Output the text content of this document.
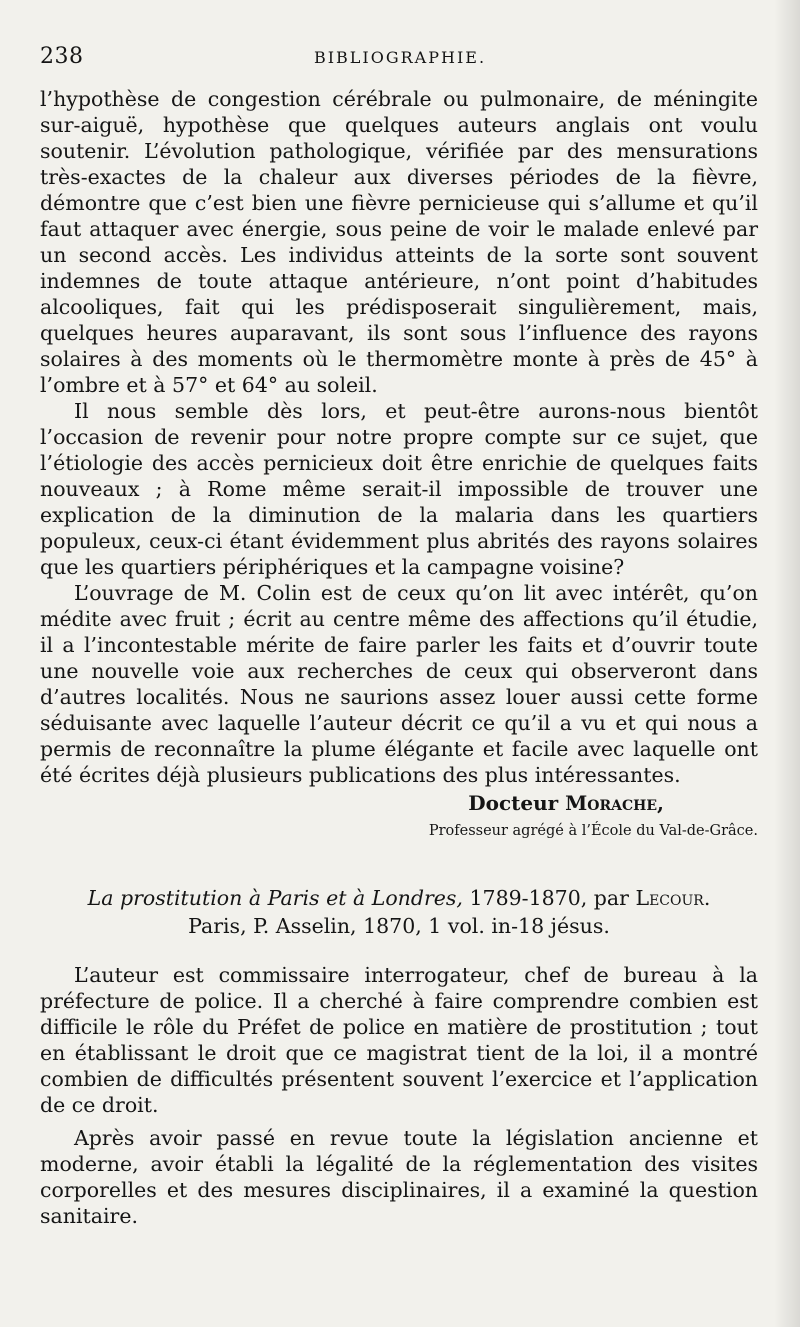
238	BIBLIOGRAPHIE.

l’hypothèse de congestion cérébrale ou pulmonaire, de méningite sur-aiguë, hypothèse que quelques auteurs anglais ont voulu soutenir. L’évolution pathologique, vérifiée par des mensurations très-exactes de la chaleur aux diverses périodes de la fièvre, démontre que c’est bien une fièvre pernicieuse qui s’allume et qu’il faut attaquer avec énergie, sous peine de voir le malade enlevé par un second accès. Les individus atteints de la sorte sont souvent indemnes de toute attaque antérieure, n’ont point d’habitudes alcooliques, fait qui les prédisposerait singulièrement, mais, quelques heures auparavant, ils sont sous l’influence des rayons solaires à des moments où le thermomètre monte à près de 45° à l’ombre et à 57° et 64° au soleil.

Il nous semble dès lors, et peut-être aurons-nous bientôt l’occasion de revenir pour notre propre compte sur ce sujet, que l’étiologie des accès pernicieux doit être enrichie de quelques faits nouveaux ; à Rome même serait-il impossible de trouver une explication de la diminution de la malaria dans les quartiers populeux, ceux-ci étant évidemment plus abrités des rayons solaires que les quartiers périphériques et la campagne voisine?

L’ouvrage de M. Colin est de ceux qu’on lit avec intérêt, qu’on médite avec fruit ; écrit au centre même des affections qu’il étudie, il a l’incontestable mérite de faire parler les faits et d’ouvrir toute une nouvelle voie aux recherches de ceux qui observeront dans d’autres localités. Nous ne saurions assez louer aussi cette forme séduisante avec laquelle l’auteur décrit ce qu’il a vu et qui nous a permis de reconnaître la plume élégante et facile avec laquelle ont été écrites déjà plusieurs publications des plus intéressantes.

Docteur Morache,
Professeur agrégé à l’École du Val-de-Grâce.
La prostitution à Paris et à Londres, 1789-1870, par Lecour.
Paris, P. Asselin, 1870, 1 vol. in-18 jésus.

L’auteur est commissaire interrogateur, chef de bureau à la préfecture de police. Il a cherché à faire comprendre combien est difficile le rôle du Préfet de police en matière de prostitution ; tout en établissant le droit que ce magistrat tient de la loi, il a montré combien de difficultés présentent souvent l’exercice et l’application de ce droit.

Après avoir passé en revue toute la législation ancienne et moderne, avoir établi la légalité de la réglementation des visites corporelles et des mesures disciplinaires, il a examiné la question sanitaire.
